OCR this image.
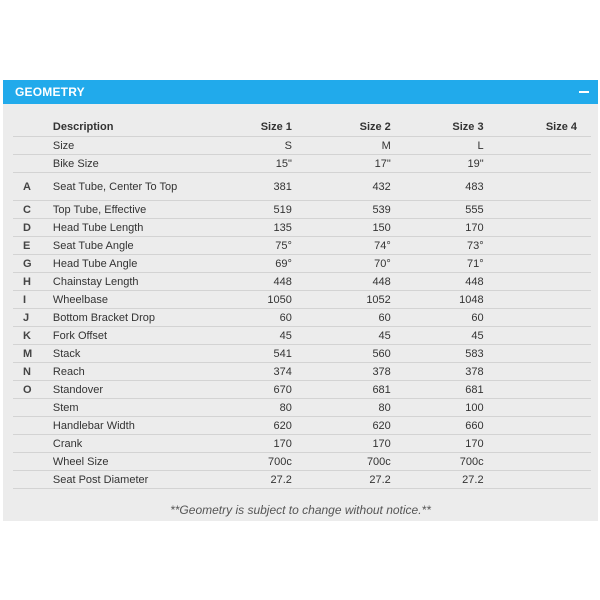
GEOMETRY
	Description	Size 1	Size 2	Size 3	Size 4
	Size	S	M	L	
	Bike Size	15"	17"	19"	
A	Seat Tube, Center To Top	381	432	483	
C	Top Tube, Effective	519	539	555	
D	Head Tube Length	135	150	170	
E	Seat Tube Angle	75°	74°	73°	
G	Head Tube Angle	69°	70°	71°	
H	Chainstay Length	448	448	448	
I	Wheelbase	1050	1052	1048	
J	Bottom Bracket Drop	60	60	60	
K	Fork Offset	45	45	45	
M	Stack	541	560	583	
N	Reach	374	378	378	
O	Standover	670	681	681	
	Stem	80	80	100	
	Handlebar Width	620	620	660	
	Crank	170	170	170	
	Wheel Size	700c	700c	700c	
	Seat Post Diameter	27.2	27.2	27.2	
**Geometry is subject to change without notice.**
